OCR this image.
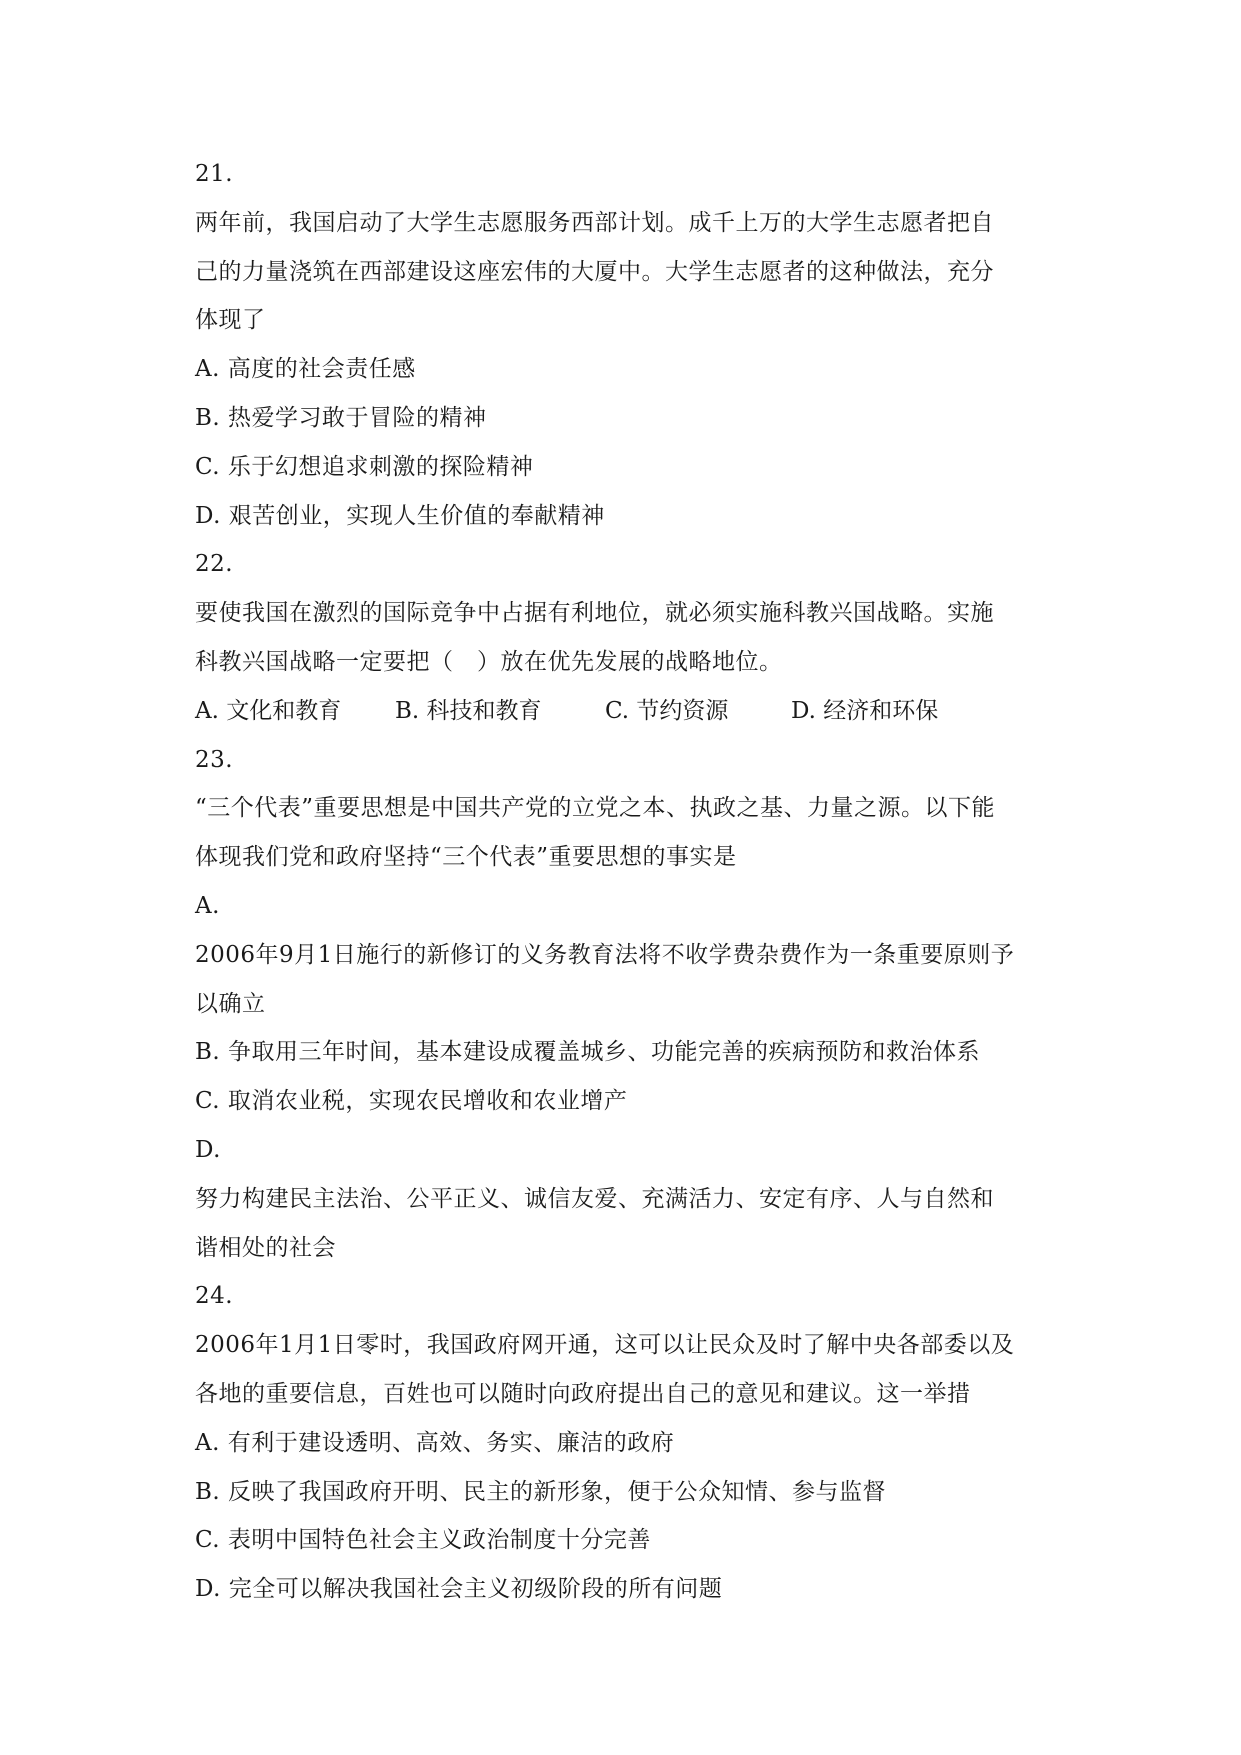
21.
两年前，我国启动了大学生志愿服务西部计划。成千上万的大学生志愿者把自
己的力量浇筑在西部建设这座宏伟的大厦中。大学生志愿者的这种做法，充分
体现了
A. 高度的社会责任感
B. 热爱学习敢于冒险的精神
C. 乐于幻想追求刺激的探险精神
D. 艰苦创业，实现人生价值的奉献精神
22.
要使我国在激烈的国际竞争中占据有利地位，就必须实施科教兴国战略。实施
科教兴国战略一定要把（　）放在优先发展的战略地位。
A. 文化和教育 B. 科技和教育	C. 节约资源	D. 经济和环保
23.
“三个代表”重要思想是中国共产党的立党之本、执政之基、力量之源。以下能
体现我们党和政府坚持“三个代表”重要思想的事实是
A.
2006年9月1日施行的新修订的义务教育法将不收学费杂费作为一条重要原则予
以确立
B. 争取用三年时间，基本建设成覆盖城乡、功能完善的疾病预防和救治体系
C. 取消农业税，实现农民增收和农业增产
D.
努力构建民主法治、公平正义、诚信友爱、充满活力、安定有序、人与自然和
谐相处的社会
24.
2006年1月1日零时，我国政府网开通，这可以让民众及时了解中央各部委以及
各地的重要信息，百姓也可以随时向政府提出自己的意见和建议。这一举措
A. 有利于建设透明、高效、务实、廉洁的政府
B. 反映了我国政府开明、民主的新形象，便于公众知情、参与监督
C. 表明中国特色社会主义政治制度十分完善
D. 完全可以解决我国社会主义初级阶段的所有问题
